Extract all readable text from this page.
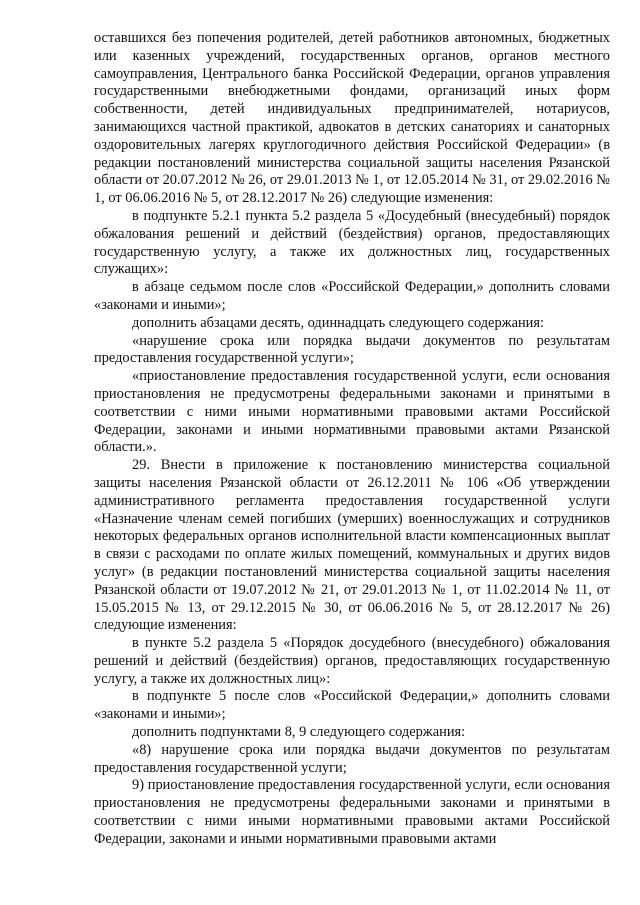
оставшихся без попечения родителей, детей работников автономных, бюджетных или казенных учреждений, государственных органов, органов местного самоуправления, Центрального банка Российской Федерации, органов управления государственными внебюджетными фондами, организаций иных форм собственности, детей индивидуальных предпринимателей, нотариусов, занимающихся частной практикой, адвокатов в детских санаториях и санаторных оздоровительных лагерях круглогодичного действия Российской Федерации» (в редакции постановлений министерства социальной защиты населения Рязанской области от 20.07.2012 № 26, от 29.01.2013 № 1, от 12.05.2014 № 31, от 29.02.2016 № 1, от 06.06.2016 № 5, от 28.12.2017 № 26) следующие изменения:

в подпункте 5.2.1 пункта 5.2 раздела 5 «Досудебный (внесудебный) порядок обжалования решений и действий (бездействия) органов, предоставляющих государственную услугу, а также их должностных лиц, государственных служащих»:

в абзаце седьмом после слов «Российской Федерации,» дополнить словами «законами и иными»;

дополнить абзацами десять, одиннадцать следующего содержания:

«нарушение срока или порядка выдачи документов по результатам предоставления государственной услуги»;

«приостановление предоставления государственной услуги, если основания приостановления не предусмотрены федеральными законами и принятыми в соответствии с ними иными нормативными правовыми актами Российской Федерации, законами и иными нормативными правовыми актами Рязанской области.».

29. Внести в приложение к постановлению министерства социальной защиты населения Рязанской области от 26.12.2011 № 106 «Об утверждении административного регламента предоставления государственной услуги «Назначение членам семей погибших (умерших) военнослужащих и сотрудников некоторых федеральных органов исполнительной власти компенсационных выплат в связи с расходами по оплате жилых помещений, коммунальных и других видов услуг» (в редакции постановлений министерства социальной защиты населения Рязанской области от 19.07.2012 № 21, от 29.01.2013 № 1, от 11.02.2014 № 11, от 15.05.2015 № 13, от 29.12.2015 № 30, от 06.06.2016 № 5, от 28.12.2017 № 26) следующие изменения:

в пункте 5.2 раздела 5 «Порядок досудебного (внесудебного) обжалования решений и действий (бездействия) органов, предоставляющих государственную услугу, а также их должностных лиц»:

в подпункте 5 после слов «Российской Федерации,» дополнить словами «законами и иными»;

дополнить подпунктами 8, 9 следующего содержания:

«8) нарушение срока или порядка выдачи документов по результатам предоставления государственной услуги;

9) приостановление предоставления государственной услуги, если основания приостановления не предусмотрены федеральными законами и принятыми в соответствии с ними иными нормативными правовыми актами Российской Федерации, законами и иными нормативными правовыми актами
